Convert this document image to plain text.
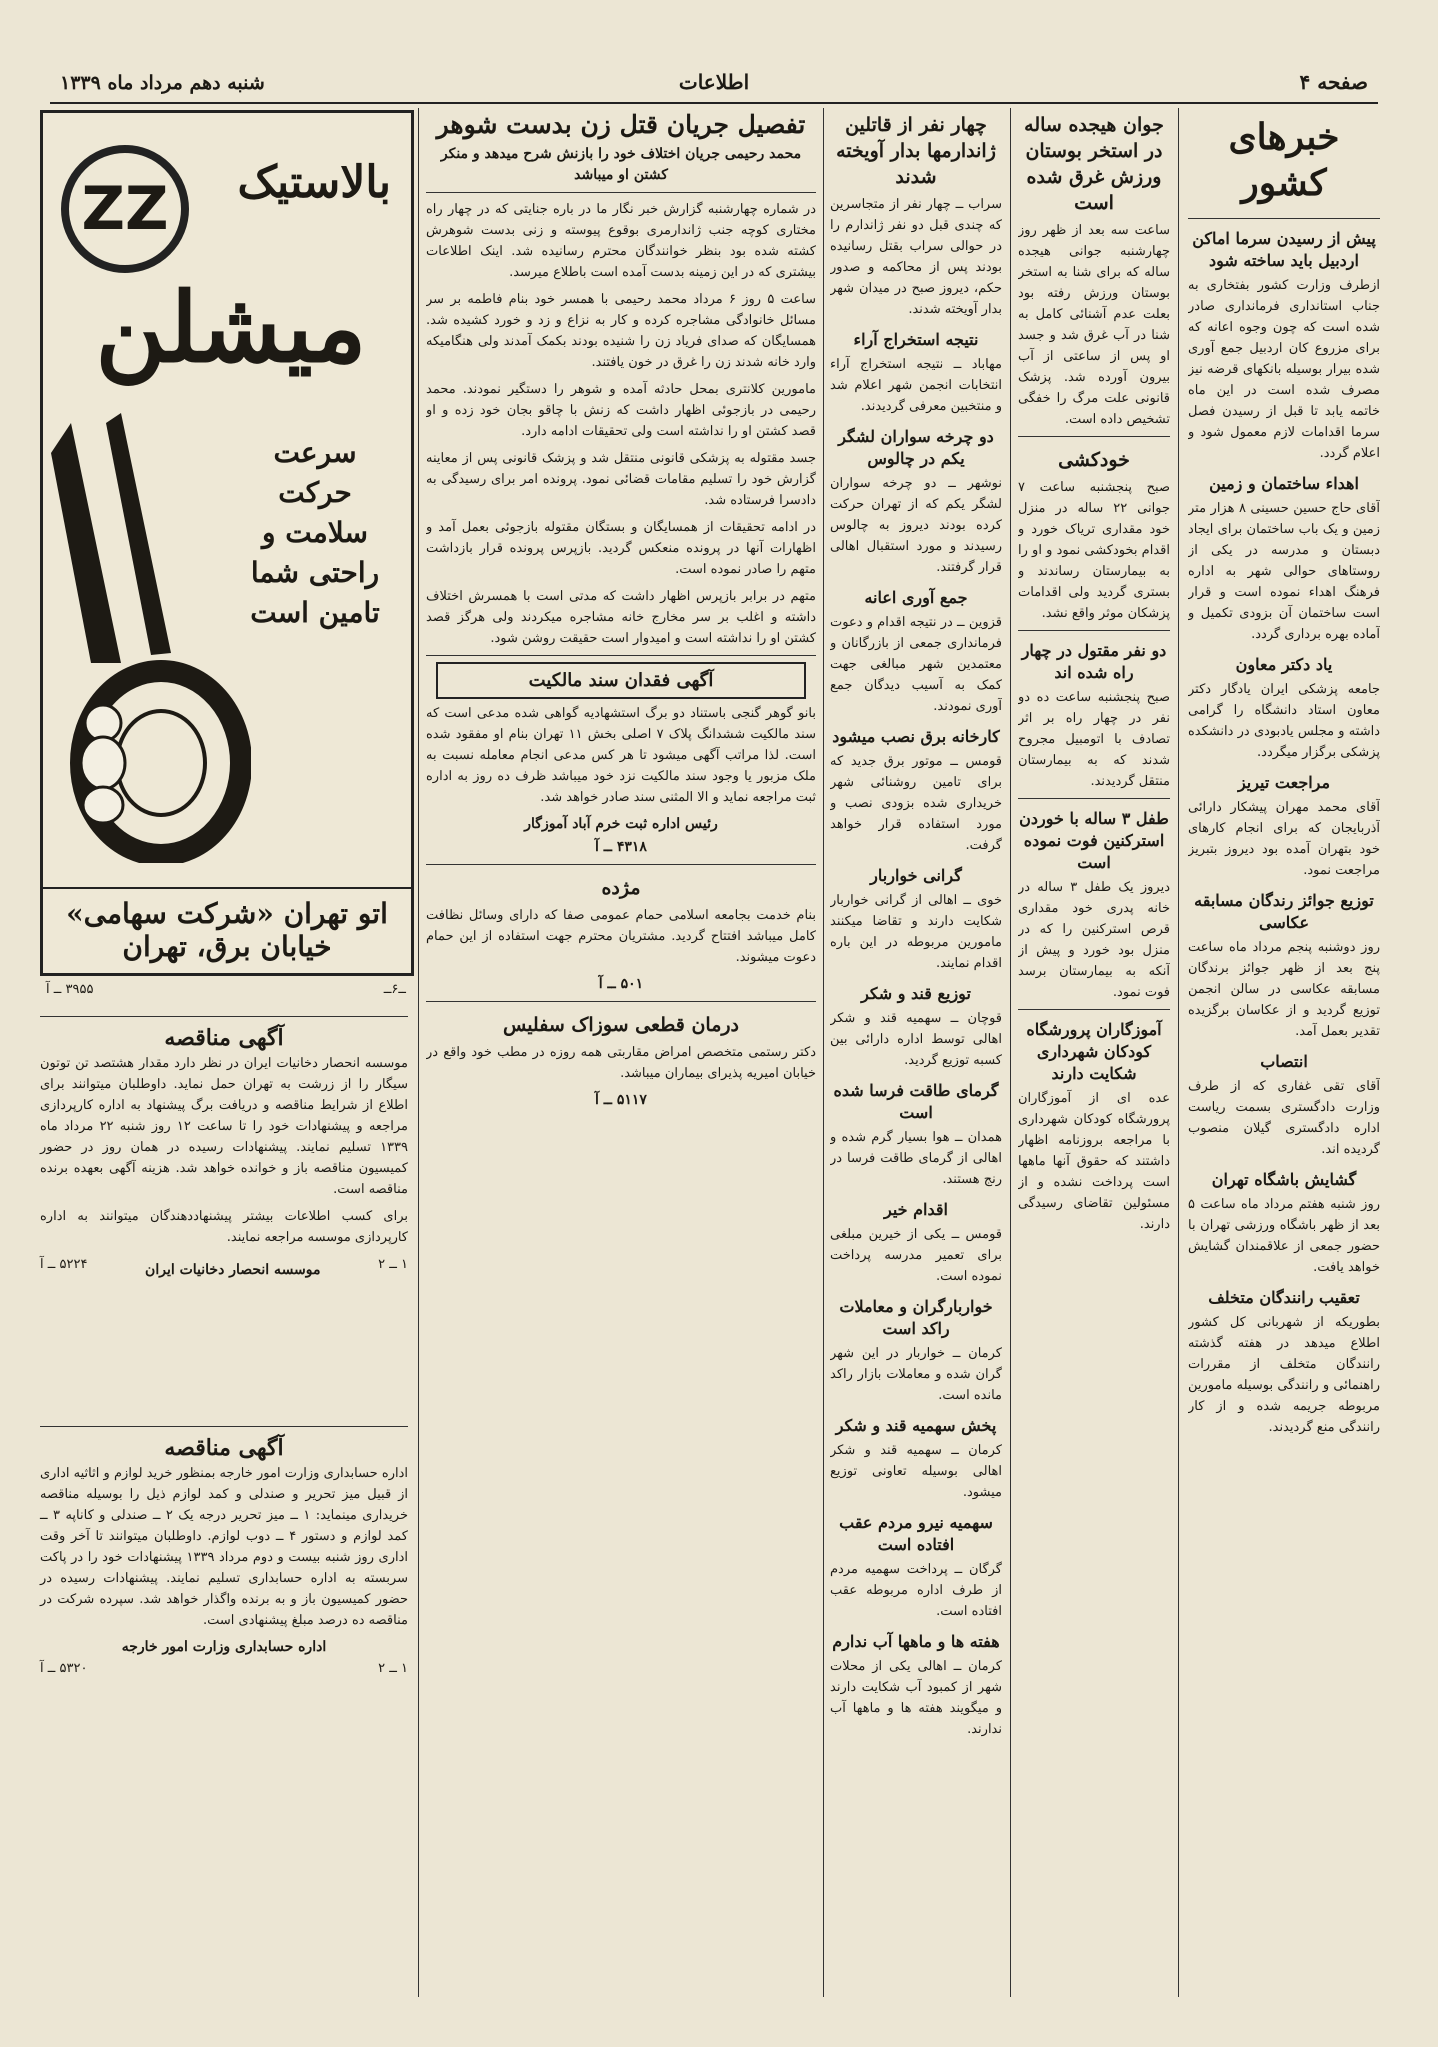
صفحه ۴
اطلاعات
شنبه دهم مرداد ماه ۱۳۳۹
خبرهای کشور
پیش از رسیدن سرما اماکن اردبیل باید ساخته شود

ازطرف وزارت کشور بفتخاری به جناب استانداری فرمانداری صادر شده است که چون وجوه اعانه که برای مزروع کان اردبیل جمع آوری شده بیرار بوسیله بانکهای قرضه نیز مصرف شده است در این ماه خاتمه یابد تا قبل از رسیدن فصل سرما اقدامات لازم معمول شود و اعلام گردد.

اهداء ساختمان و زمین

آقای حاج حسین حسینی ۸ هزار متر زمین و یک باب ساختمان برای ایجاد دبستان و مدرسه در یکی از روستاهای حوالی شهر به اداره فرهنگ اهداء نموده است و قرار است ساختمان آن بزودی تکمیل و آماده بهره برداری گردد.

یاد دکتر معاون

جامعه پزشکی ایران یادگار دکتر معاون استاد دانشگاه را گرامی داشته و مجلس یادبودی در دانشکده پزشکی برگزار میگردد.

مراجعت تیریز

آقای محمد مهران پیشکار دارائی آذربایجان که برای انجام کارهای خود بتهران آمده بود دیروز بتبریز مراجعت نمود.

توزیع جوائز رندگان مسابقه عکاسی

روز دوشنبه پنجم مرداد ماه ساعت پنج بعد از ظهر جوائز برندگان مسابقه عکاسی در سالن انجمن توزیع گردید و از عکاسان برگزیده تقدیر بعمل آمد.

انتصاب

آقای تقی غفاری که از طرف وزارت دادگستری بسمت ریاست اداره دادگستری گیلان منصوب گردیده اند.

گشایش باشگاه تهران

روز شنبه هفتم مرداد ماه ساعت ۵ بعد از ظهر باشگاه ورزشی تهران با حضور جمعی از علاقمندان گشایش خواهد یافت.

تعقیب رانندگان متخلف

بطوریکه از شهربانی کل کشور اطلاع میدهد در هفته گذشته رانندگان متخلف از مقررات راهنمائی و رانندگی بوسیله مامورین مربوطه جریمه شده و از کار رانندگی منع گردیدند.

جوان هیجده ساله در استخر بوستان ورزش غرق شده است

ساعت سه بعد از ظهر روز چهارشنبه جوانی هیجده ساله که برای شنا به استخر بوستان ورزش رفته بود بعلت عدم آشنائی کامل به شنا در آب غرق شد و جسد او پس از ساعتی از آب بیرون آورده شد. پزشک قانونی علت مرگ را خفگی تشخیص داده است.

خودکشی

صبح پنجشنبه ساعت ۷ جوانی ۲۲ ساله در منزل خود مقداری تریاک خورد و اقدام بخودکشی نمود و او را به بیمارستان رساندند و بستری گردید ولی اقدامات پزشکان موثر واقع نشد.

دو نفر مقتول در چهار راه شده اند

صبح پنجشنبه ساعت ده دو نفر در چهار راه بر اثر تصادف با اتومبیل مجروح شدند که به بیمارستان منتقل گردیدند.

طفل ۳ ساله با خوردن استرکنین فوت نموده است

دیروز یک طفل ۳ ساله در خانه پدری خود مقداری قرص استرکنین را که در منزل بود خورد و پیش از آنکه به بیمارستان برسد فوت نمود.

آموزگاران پرورشگاه کودکان شهرداری شکایت دارند

عده ای از آموزگاران پرورشگاه کودکان شهرداری با مراجعه بروزنامه اظهار داشتند که حقوق آنها ماهها است پرداخت نشده و از مسئولین تقاضای رسیدگی دارند.

چهار نفر از قاتلین ژاندارمها بدار آویخته شدند

سراب ــ چهار نفر از متجاسرین که چندی قبل دو نفر ژاندارم را در حوالی سراب بقتل رسانیده بودند پس از محاکمه و صدور حکم، دیروز صبح در میدان شهر بدار آویخته شدند.

نتیجه استخراج آراء

مهاباد ــ نتیجه استخراج آراء انتخابات انجمن شهر اعلام شد و منتخبین معرفی گردیدند.

دو چرخه سواران لشگر یکم در چالوس

نوشهر ــ دو چرخه سواران لشگر یکم که از تهران حرکت کرده بودند دیروز به چالوس رسیدند و مورد استقبال اهالی قرار گرفتند.

جمع آوری اعانه

قزوین ــ در نتیجه اقدام و دعوت فرمانداری جمعی از بازرگانان و معتمدین شهر مبالغی جهت کمک به آسیب دیدگان جمع آوری نمودند.

کارخانه برق نصب میشود

قومس ــ موتور برق جدید که برای تامین روشنائی شهر خریداری شده بزودی نصب و مورد استفاده قرار خواهد گرفت.

گرانی خواربار

خوی ــ اهالی از گرانی خواربار شکایت دارند و تقاضا میکنند مامورین مربوطه در این باره اقدام نمایند.

توزیع قند و شکر

قوچان ــ سهمیه قند و شکر اهالی توسط اداره دارائی بین کسبه توزیع گردید.

گرمای طاقت فرسا شده است

همدان ــ هوا بسیار گرم شده و اهالی از گرمای طاقت فرسا در رنج هستند.

اقدام خیر

قومس ــ یکی از خیرین مبلغی برای تعمیر مدرسه پرداخت نموده است.

خواربارگران و معاملات راکد است

کرمان ــ خواربار در این شهر گران شده و معاملات بازار راکد مانده است.

پخش سهمیه قند و شکر

کرمان ــ سهمیه قند و شکر اهالی بوسیله تعاونی توزیع میشود.

سهمیه نیرو مردم عقب افتاده است

گرگان ــ پرداخت سهمیه مردم از طرف اداره مربوطه عقب افتاده است.

هفته ها و ماهها آب ندارم

کرمان ــ اهالی یکی از محلات شهر از کمبود آب شکایت دارند و میگویند هفته ها و ماهها آب ندارند.

تفصیل جریان قتل زن بدست شوهر
محمد رحیمی جریان اختلاف خود را بازنش شرح میدهد و منکر کشتن او میباشد

در شماره چهارشنبه گزارش خبر نگار ما در باره جنایتی که در چهار راه مختاری کوچه جنب ژاندارمری بوقوع پیوسته و زنی بدست شوهرش کشته شده بود بنظر خوانندگان محترم رسانیده شد. اینک اطلاعات بیشتری که در این زمینه بدست آمده است باطلاع میرسد.

ساعت ۵ روز ۶ مرداد محمد رحیمی با همسر خود بنام فاطمه بر سر مسائل خانوادگی مشاجره کرده و کار به نزاع و زد و خورد کشیده شد. همسایگان که صدای فریاد زن را شنیده بودند بکمک آمدند ولی هنگامیکه وارد خانه شدند زن را غرق در خون یافتند.

مامورین کلانتری بمحل حادثه آمده و شوهر را دستگیر نمودند. محمد رحیمی در بازجوئی اظهار داشت که زنش با چاقو بجان خود زده و او قصد کشتن او را نداشته است ولی تحقیقات ادامه دارد.

جسد مقتوله به پزشکی قانونی منتقل شد و پزشک قانونی پس از معاینه گزارش خود را تسلیم مقامات قضائی نمود. پرونده امر برای رسیدگی به دادسرا فرستاده شد.

در ادامه تحقیقات از همسایگان و بستگان مقتوله بازجوئی بعمل آمد و اظهارات آنها در پرونده منعکس گردید. بازپرس پرونده قرار بازداشت متهم را صادر نموده است.

متهم در برابر بازپرس اظهار داشت که مدتی است با همسرش اختلاف داشته و اغلب بر سر مخارج خانه مشاجره میکردند ولی هرگز قصد کشتن او را نداشته است و امیدوار است حقیقت روشن شود.

آگهی فقدان سند مالکیت

بانو گوهر گنجی باستناد دو برگ استشهادیه گواهی شده مدعی است که سند مالکیت ششدانگ پلاک ۷ اصلی بخش ۱۱ تهران بنام او مفقود شده است. لذا مراتب آگهی میشود تا هر کس مدعی انجام معامله نسبت به ملک مزبور یا وجود سند مالکیت نزد خود میباشد ظرف ده روز به اداره ثبت مراجعه نماید و الا المثنی سند صادر خواهد شد.

رئیس اداره ثبت خرم آباد آموزگار
۴۳۱۸ ــ آ
مژده

بنام خدمت بجامعه اسلامی حمام عمومی صفا که دارای وسائل نظافت کامل میباشد افتتاح گردید. مشتریان محترم جهت استفاده از این حمام دعوت میشوند.

۵۰۱ ــ آ
درمان قطعی سوزاک سفلیس

دکتر رستمی متخصص امراض مقاربتی همه روزه در مطب خود واقع در خیابان امیریه پذیرای بیماران میباشد.

۵۱۱۷ ــ آ
ZZ	بالاستیک
میشلن
سرعت حرکت سلامت و راحتی شما تامین است
اتو تهران «شرکت سهامی» خیابان برق، تهران
ــ۶ــ
۳۹۵۵ ــ آ
آگهی مناقصه

موسسه انحصار دخانیات ایران در نظر دارد مقدار هشتصد تن توتون سیگار را از زرشت به تهران حمل نماید. داوطلبان میتوانند برای اطلاع از شرایط مناقصه و دریافت برگ پیشنهاد به اداره کارپردازی مراجعه و پیشنهادات خود را تا ساعت ۱۲ روز شنبه ۲۲ مرداد ماه ۱۳۳۹ تسلیم نمایند. پیشنهادات رسیده در همان روز در حضور کمیسیون مناقصه باز و خوانده خواهد شد. هزینه آگهی بعهده برنده مناقصه است.

برای کسب اطلاعات بیشتر پیشنهاددهندگان میتوانند به اداره کارپردازی موسسه مراجعه نمایند.

۱ ــ ۲
موسسه انحصار دخانیات ایران
۵۲۲۴ ــ آ
آگهی مناقصه

اداره حسابداری وزارت امور خارجه بمنظور خرید لوازم و اثاثیه اداری از قبیل میز تحریر و صندلی و کمد لوازم ذیل را بوسیله مناقصه خریداری مینماید: ۱ ــ میز تحریر درجه یک ۲ ــ صندلی و کاناپه ۳ ــ کمد لوازم و دستور ۴ ــ دوب لوازم. داوطلبان میتوانند تا آخر وقت اداری روز شنبه بیست و دوم مرداد ۱۳۳۹ پیشنهادات خود را در پاکت سربسته به اداره حسابداری تسلیم نمایند. پیشنهادات رسیده در حضور کمیسیون باز و به برنده واگذار خواهد شد. سپرده شرکت در مناقصه ده درصد مبلغ پیشنهادی است.

اداره حسابداری وزارت امور خارجه
۱ ــ ۲
۵۳۲۰ ــ آ
